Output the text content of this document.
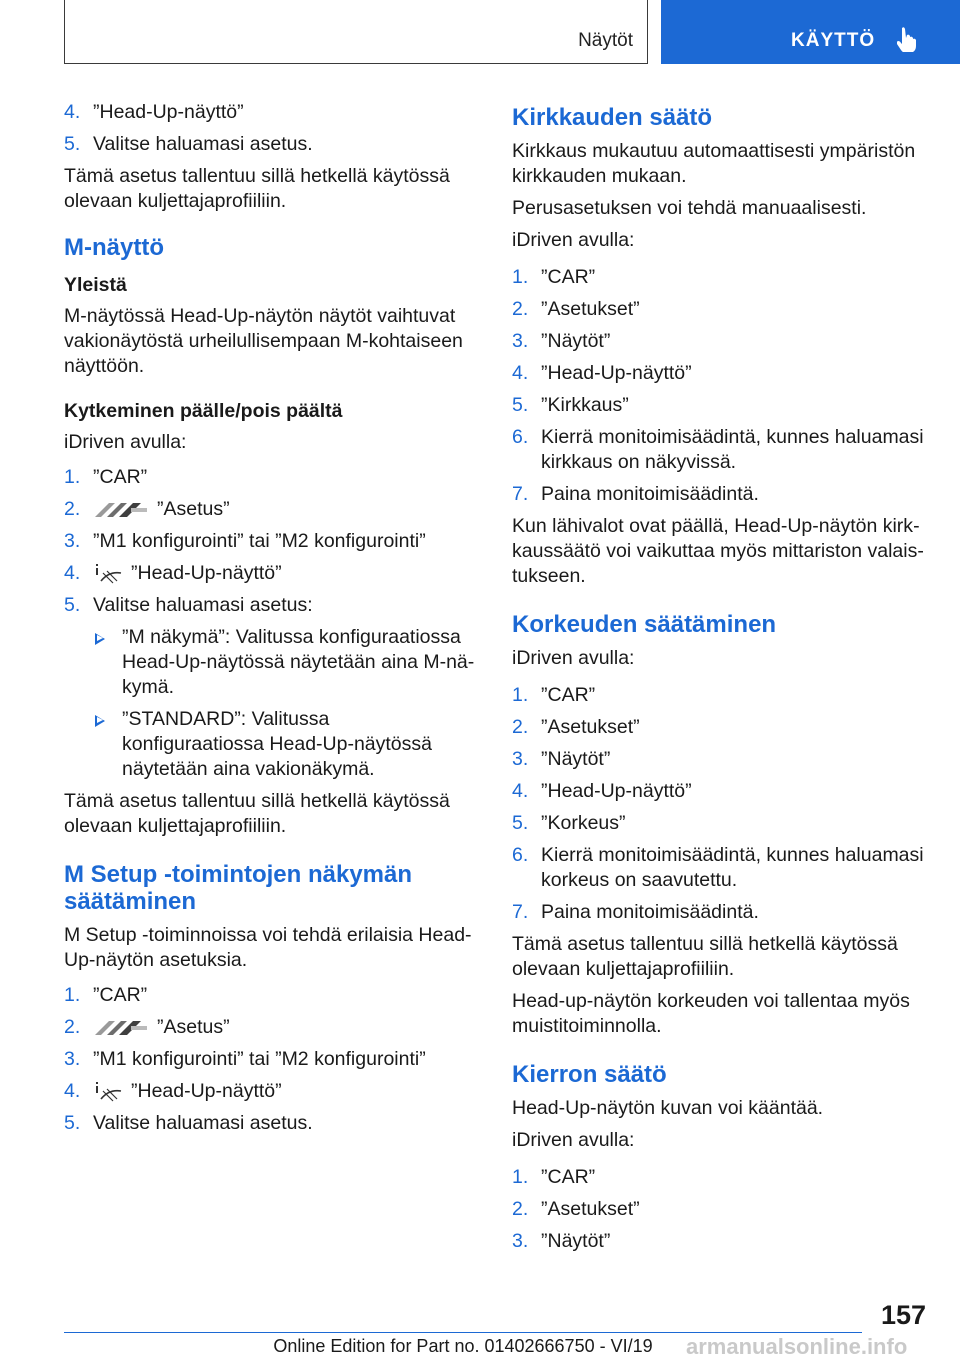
Näytöt	KÄYTTÖ
4. ”Head-Up-näyttö”
5. Valitse haluamasi asetus.

Tämä asetus tallentuu sillä hetkellä käytössä olevaan kuljettajaprofiiliin.

M-näyttö
Yleistä

M-näytössä Head-Up-näytön näytöt vaihtuvat vakionäytöstä urheilullisempaan M-kohtaiseen näyttöön.

Kytkeminen päälle/pois päältä

iDriven avulla:

1. ”CAR”
2.	”Asetus”
3. ”M1 konfigurointi” tai ”M2 konfigurointi”
4.	”Head-Up-näyttö”
5. Valitse haluamasi asetus:
”M näkymä”: Valitussa konfiguraatiossa Head-Up-näytössä näytetään aina M-näkymä.
”STANDARD”: Valitussa konfiguraatiossa Head-Up-näytössä näytetään aina vakionäkymä.

Tämä asetus tallentuu sillä hetkellä käytössä olevaan kuljettajaprofiiliin.

M Setup -toimintojen näkymän säätäminen

M Setup -toiminnoissa voi tehdä erilaisia Head-Up-näytön asetuksia.

1. ”CAR”
2.	”Asetus”
3. ”M1 konfigurointi” tai ”M2 konfigurointi”
4.	”Head-Up-näyttö”
5. Valitse haluamasi asetus.
Kirkkauden säätö

Kirkkaus mukautuu automaattisesti ympäristön kirkkauden mukaan.

Perusasetuksen voi tehdä manuaalisesti.

iDriven avulla:

1. ”CAR”
2. ”Asetukset”
3. ”Näytöt”
4. ”Head-Up-näyttö”
5. ”Kirkkaus”
6. Kierrä monitoimisäädintä, kunnes haluamasi kirkkaus on näkyvissä.
7. Paina monitoimisäädintä.

Kun lähivalot ovat päällä, Head-Up-näytön kirkkaussäätö voi vaikuttaa myös mittariston valaistukseen.

Korkeuden säätäminen

iDriven avulla:

1. ”CAR”
2. ”Asetukset”
3. ”Näytöt”
4. ”Head-Up-näyttö”
5. ”Korkeus”
6. Kierrä monitoimisäädintä, kunnes haluamasi korkeus on saavutettu.
7. Paina monitoimisäädintä.

Tämä asetus tallentuu sillä hetkellä käytössä olevaan kuljettajaprofiiliin.

Head-up-näytön korkeuden voi tallentaa myös muistitoiminnolla.

Kierron säätö

Head-Up-näytön kuvan voi kääntää.

iDriven avulla:

1. ”CAR”
2. ”Asetukset”
3. ”Näytöt”
157
Online Edition for Part no. 01402666750 - VI/19	armanualsonline.info
